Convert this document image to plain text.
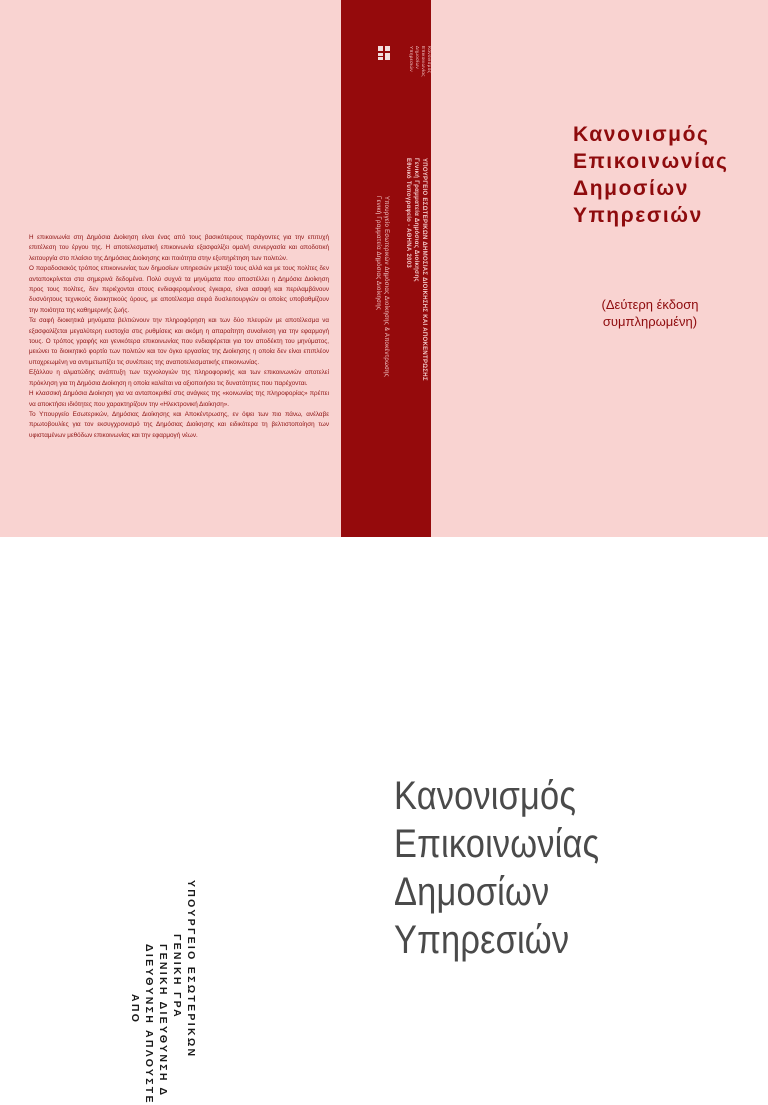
Η επικοινωνία στη Δημόσια Διοίκηση είναι ένας από τους βασικότερους παράγοντες για την επιτυχή επιτέλεση του έργου της. Η αποτελεσματική επικοινωνία εξασφαλίζει ομαλή συνεργασία και αποδοτική λειτουργία στο πλαίσιο της Δημόσιας Διοίκησης και ποιότητα στην εξυπηρέτηση των πολιτών.

Ο παραδοσιακός τρόπος επικοινωνίας των δημοσίων υπηρεσιών μεταξύ τους αλλά και με τους πολίτες δεν ανταποκρίνεται στα σημερινά δεδομένα. Πολύ συχνά τα μηνύματα που αποστέλλει η Δημόσια Διοίκηση προς τους πολίτες, δεν περιέχονται στους ενδιαφερομένους έγκαιρα, είναι ασαφή και περιλαμβάνουν δυσνόητους τεχνικούς διοικητικούς όρους, με αποτέλεσμα σειρά δυσλειτουργιών οι οποίες υποβαθμίζουν την ποιότητα της καθημερινής ζωής.

Τα σαφή διοικητικά μηνύματα βελτιώνουν την πληροφόρηση και των δύο πλευρών με αποτέλεσμα να εξασφαλίζεται μεγαλύτερη ευστοχία στις ρυθμίσεις και ακόμη η απαραίτητη συναίνεση για την εφαρμογή τους. Ο τρόπος γραφής και γενικότερα επικοινωνίας που ενδιαφέρεται για τον αποδέκτη του μηνύματος, μειώνει το διοικητικό φορτίο των πολιτών και τον όγκο εργασίας της Διοίκησης η οποία δεν είναι επιπλέον υποχρεωμένη να αντιμετωπίζει τις συνέπειες της αναποτελεσματικής επικοινωνίας.

Εξάλλου η αλματώδης ανάπτυξη των τεχνολογιών της πληροφορικής και των επικοινωνιών αποτελεί πρόκληση για τη Δημόσια Διοίκηση η οποία καλείται να αξιοποιήσει τις δυνατότητες που παρέχονται.

Η κλασσική Δημόσια Διοίκηση για να ανταποκριθεί στις ανάγκες της «κοινωνίας της πληροφορίας» πρέπει να αποκτήσει ιδιότητες που χαρακτηρίζουν την «Ηλεκτρονική Διοίκηση».

Το Υπουργείο Εσωτερικών, Δημόσιας Διοίκησης και Αποκέντρωσης, εν όψει των πιο πάνω, ανέλαβε πρωτοβουλίες για τον εκσυγχρονισμό της Δημόσιας Διοίκησης και ειδικότερα τη βελτιστοποίηση των υφισταμένων μεθόδων επικοινωνίας και την εφαρμογή νέων.

Κανονισμός
Επικοινωνίας
Δημοσίων
Υπηρεσιών
ΥΠΟΥΡΓΕΙΟ ΕΣΩΤΕΡΙΚΩΝ ΔΗΜΟΣΙΑΣ ΔΙΟΙΚΗΣΗΣ ΚΑΙ ΑΠΟΚΕΝΤΡΩΣΗΣ
Γενική Γραμματεία Δημόσιας Διοίκησης
Εθνικό Τυπογραφείο - ΑΘΗΝΑ 2003
Υπουργείο Εσωτερικών Δημόσιας Διοίκησης & Αποκέντρωσης
Γενική Γραμματεία Δημόσιας Διοίκησης
Κανονισμός
Επικοινωνίας
Δημοσίων
Υπηρεσιών
(Δεύτερη έκδοση
συμπληρωμένη)
ΥΠΟΥΡΓΕΙΟ ΕΣΩΤΕΡΙΚΩΝ
ΓΕΝΙΚΗ ΓΡΑ
ΓΕΝΙΚΗ ΔΙΕΥΘΥΝΣΗ Δ
ΔΙΕΥΘΥΝΣΗ ΑΠΛΟΥΣΤΕ
ΑΠΟ
Κανονισμός
Επικοινωνίας
Δημοσίων
Υπηρεσιών
